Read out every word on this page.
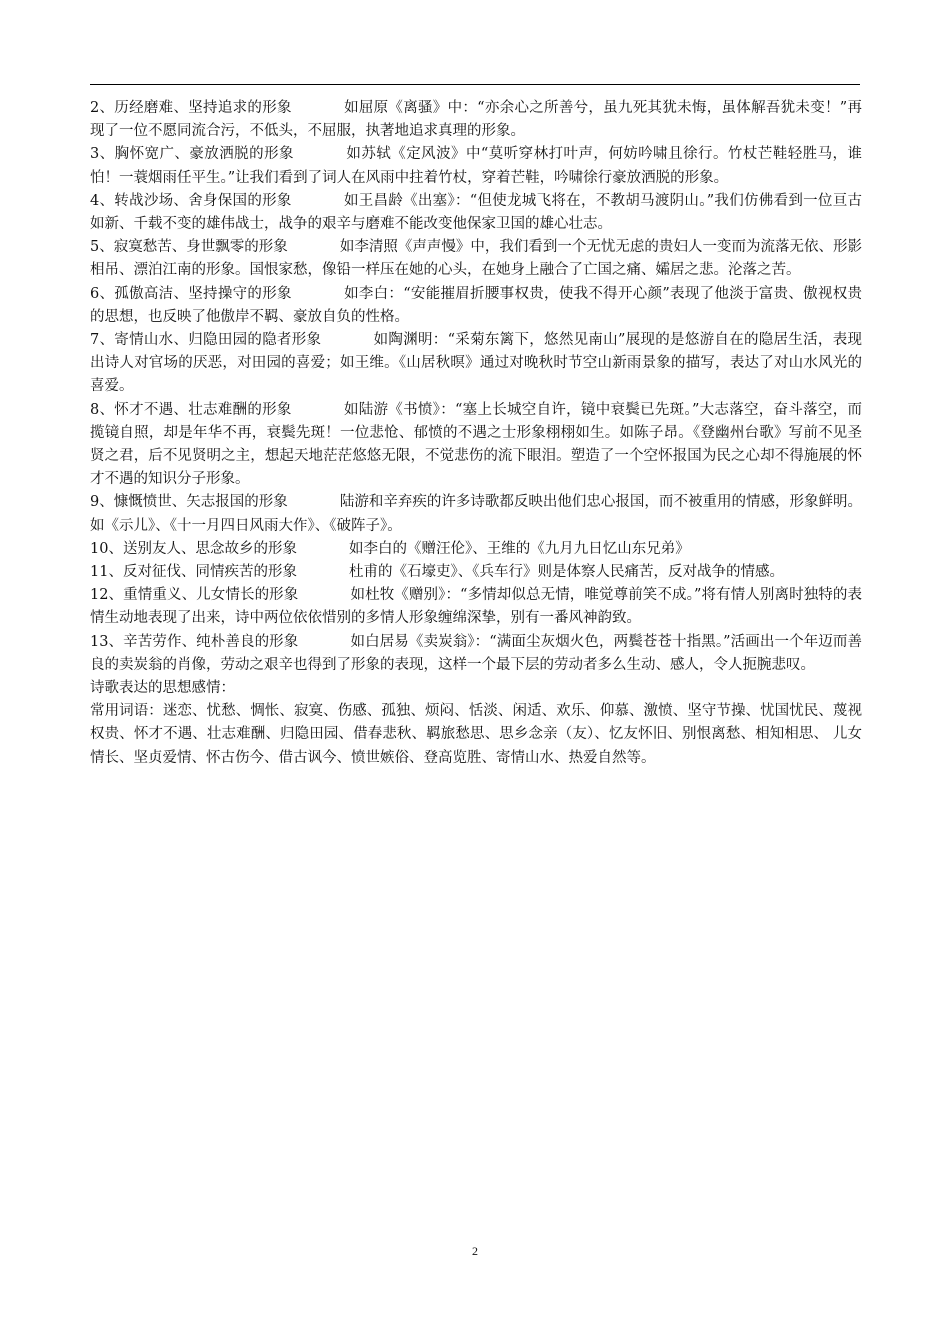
2、历经磨难、坚持追求的形象	如屈原《离骚》中：“亦余心之所善兮，虽九死其犹未悔，虽体解吾犹未变！”再现了一位不愿同流合污，不低头，不屈服，执著地追求真理的形象。

3、胸怀宽广、豪放洒脱的形象	如苏轼《定风波》中“莫听穿林打叶声，何妨吟啸且徐行。竹杖芒鞋轻胜马，谁怕！一蓑烟雨任平生。”让我们看到了词人在风雨中拄着竹杖，穿着芒鞋，吟啸徐行豪放洒脱的形象。

4、转战沙场、舍身保国的形象	如王昌龄《出塞》：“但使龙城飞将在，不教胡马渡阴山。”我们仿佛看到一位亘古如新、千载不变的雄伟战士，战争的艰辛与磨难不能改变他保家卫国的雄心壮志。

5、寂寞愁苦、身世飘零的形象	如李清照《声声慢》中，我们看到一个无忧无虑的贵妇人一变而为流落无依、形影相吊、漂泊江南的形象。国恨家愁，像铅一样压在她的心头，在她身上融合了亡国之痛、孀居之悲。沦落之苦。

6、孤傲高洁、坚持操守的形象	如李白：“安能摧眉折腰事权贵，使我不得开心颜”表现了他淡于富贵、傲视权贵的思想，也反映了他傲岸不羁、豪放自负的性格。

7、寄情山水、归隐田园的隐者形象	如陶渊明：“采菊东篱下，悠然见南山”展现的是悠游自在的隐居生活，表现出诗人对官场的厌恶，对田园的喜爱；如王维。《山居秋暝》通过对晚秋时节空山新雨景象的描写，表达了对山水风光的喜爱。

8、怀才不遇、壮志难酬的形象	如陆游《书愤》：“塞上长城空自许，镜中衰鬓已先斑。”大志落空，奋斗落空，而揽镜自照，却是年华不再，衰鬓先斑！一位悲怆、郁愤的不遇之士形象栩栩如生。如陈子昂。《登幽州台歌》写前不见圣贤之君，后不见贤明之主，想起天地茫茫悠悠无限，不觉悲伤的流下眼泪。塑造了一个空怀报国为民之心却不得施展的怀才不遇的知识分子形象。

9、慷慨愤世、矢志报国的形象	陆游和辛弃疾的许多诗歌都反映出他们忠心报国，而不被重用的情感，形象鲜明。如《示儿》、《十一月四日风雨大作》、《破阵子》。

10、送别友人、思念故乡的形象	如李白的《赠汪伦》、王维的《九月九日忆山东兄弟》

11、反对征伐、同情疾苦的形象	杜甫的《石壕吏》、《兵车行》则是体察人民痛苦，反对战争的情感。

12、重情重义、儿女情长的形象	如杜牧《赠别》：“多情却似总无情，唯觉尊前笑不成。”将有情人别离时独特的表情生动地表现了出来，诗中两位依依惜别的多情人形象缠绵深挚，别有一番风神韵致。

13、辛苦劳作、纯朴善良的形象	如白居易《卖炭翁》：“满面尘灰烟火色，两鬓苍苍十指黑。”活画出一个年迈而善良的卖炭翁的肖像，劳动之艰辛也得到了形象的表现，这样一个最下层的劳动者多么生动、感人，令人扼腕悲叹。

诗歌表达的思想感情：

常用词语：迷恋、忧愁、惆怅、寂寞、伤感、孤独、烦闷、恬淡、闲适、欢乐、仰慕、激愤、坚守节操、忧国忧民、蔑视权贵、怀才不遇、壮志难酬、归隐田园、借春悲秋、羁旅愁思、思乡念亲（友）、忆友怀旧、别恨离愁、相知相思、 儿女情长、坚贞爱情、怀古伤今、借古讽今、愤世嫉俗、登高览胜、寄情山水、热爱自然等。

2
